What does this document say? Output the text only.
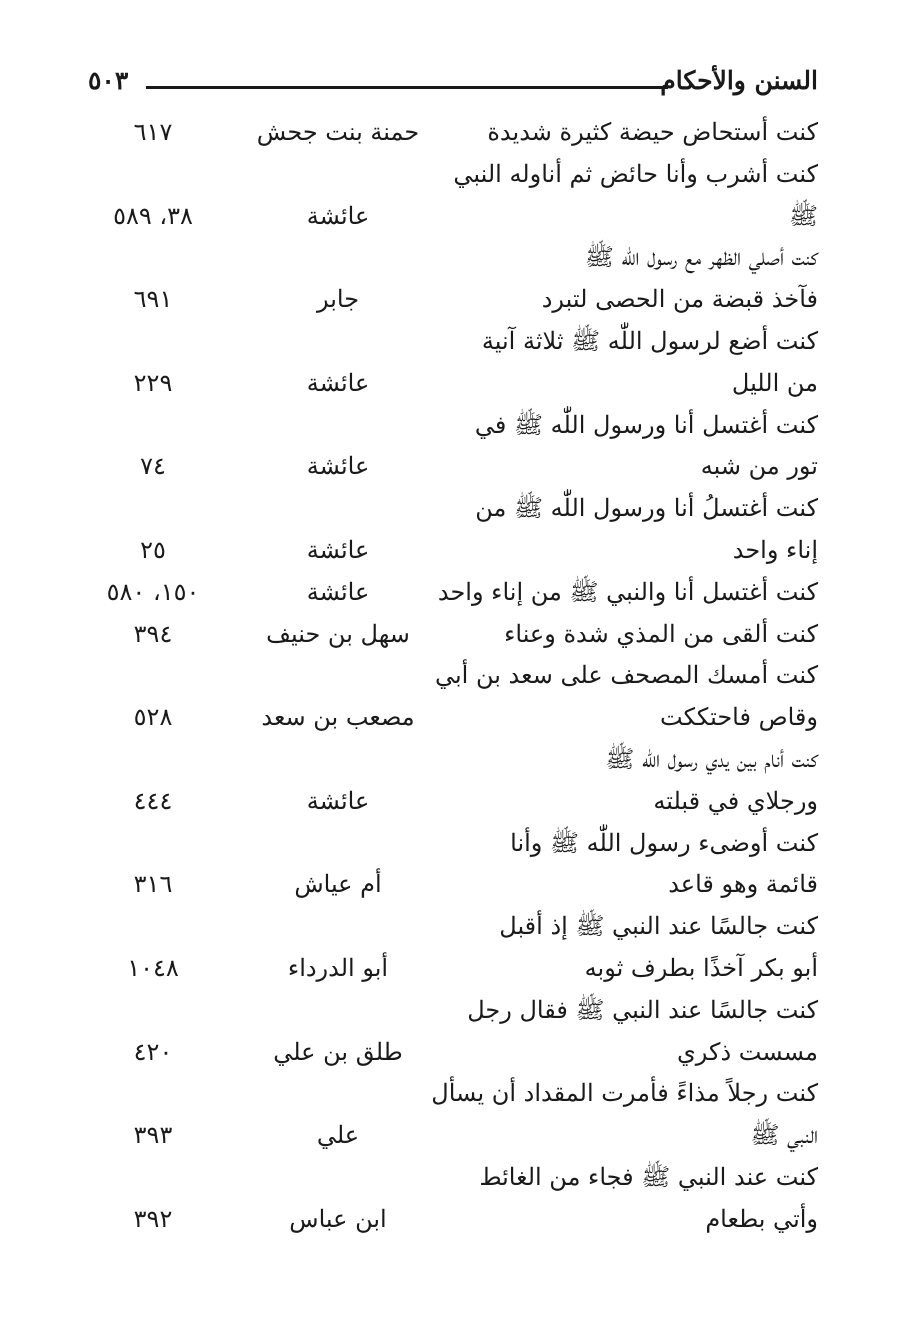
٥٠٣	السنن والأحكام
كنت أستحاض حيضة كثيرة شديدة
حمنة بنت جحش
٦١٧
كنت أشرب وأنا حائض ثم أناوله النبي
ﷺ
عائشة
٣٨، ٥٨٩
كنت أصلي الظهر مع رسول اللّٰه ﷺ
فآخذ قبضة من الحصى لتبرد
جابر
٦٩١
كنت أضع لرسول اللّٰه ﷺ ثلاثة آنية
من الليل
عائشة
٢٢٩
كنت أغتسل أنا ورسول اللّٰه ﷺ في
تور من شبه
عائشة
٧٤
كنت أغتسلُ أنا ورسول اللّٰه ﷺ من
إناء واحد
عائشة
٢٥
كنت أغتسل أنا والنبي ﷺ من إناء واحد
عائشة
١٥٠، ٥٨٠
كنت ألقى من المذي شدة وعناء
سهل بن حنيف
٣٩٤
كنت أمسك المصحف على سعد بن أبي
وقاص فاحتككت
مصعب بن سعد
٥٢٨
كنت أنام بين يدي رسول اللّٰه ﷺ
ورجلاي في قبلته
عائشة
٤٤٤
كنت أوضىء رسول اللّٰه ﷺ وأنا
قائمة وهو قاعد
أم عياش
٣١٦
كنت جالسًا عند النبي ﷺ إذ أقبل
أبو بكر آخذًا بطرف ثوبه
أبو الدرداء
١٠٤٨
كنت جالسًا عند النبي ﷺ فقال رجل
مسست ذكري
طلق بن علي
٤٢٠
كنت رجلاً مذاءً فأمرت المقداد أن يسأل
النبي ﷺ
علي
٣٩٣
كنت عند النبي ﷺ فجاء من الغائط
وأتي بطعام
ابن عباس
٣٩٢
